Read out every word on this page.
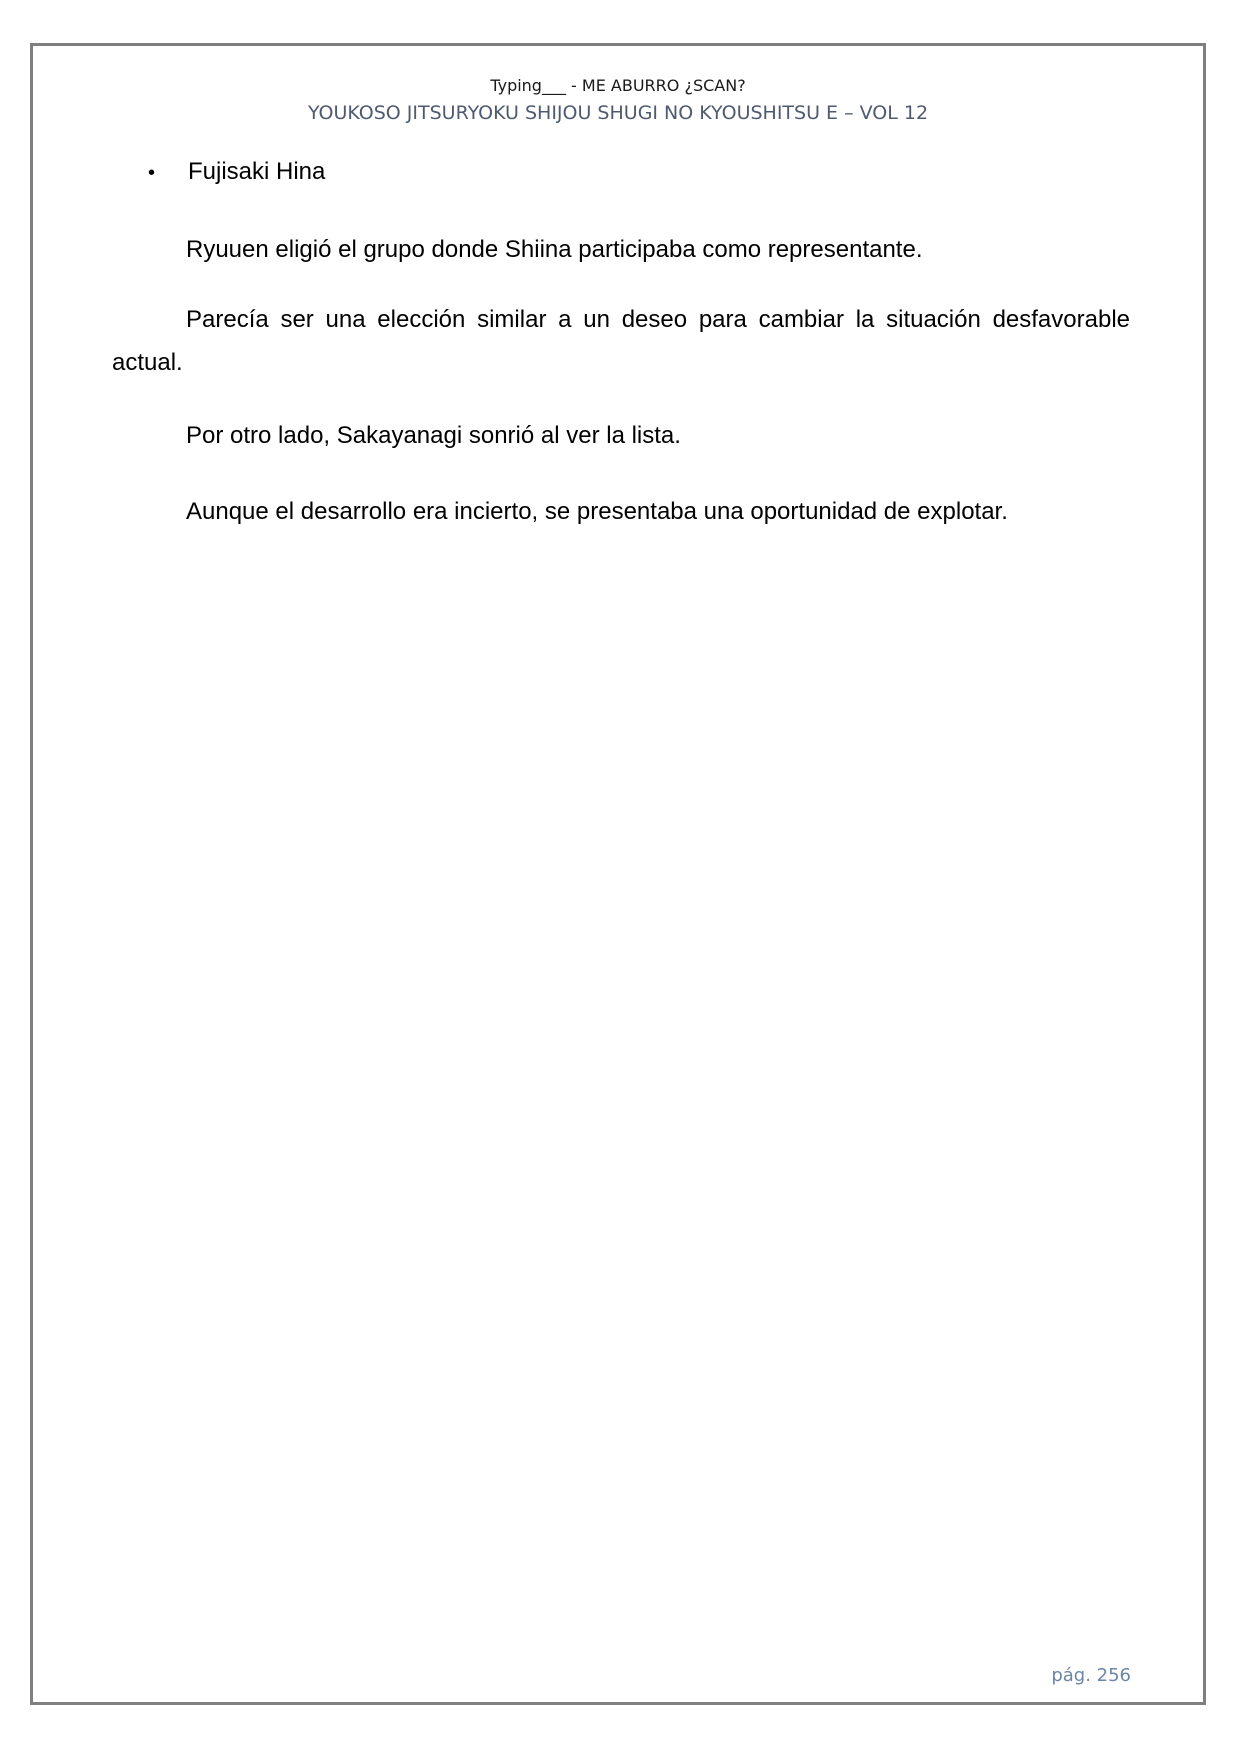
Typing___ - ME ABURRO ¿SCAN?
YOUKOSO JITSURYOKU SHIJOU SHUGI NO KYOUSHITSU E – VOL 12
• Fujisaki Hina

Ryuuen eligió el grupo donde Shiina participaba como representante.

Parecía ser una elección similar a un deseo para cambiar la situación desfavorable actual.

Por otro lado, Sakayanagi sonrió al ver la lista.

Aunque el desarrollo era incierto, se presentaba una oportunidad de explotar.

pág. 256
